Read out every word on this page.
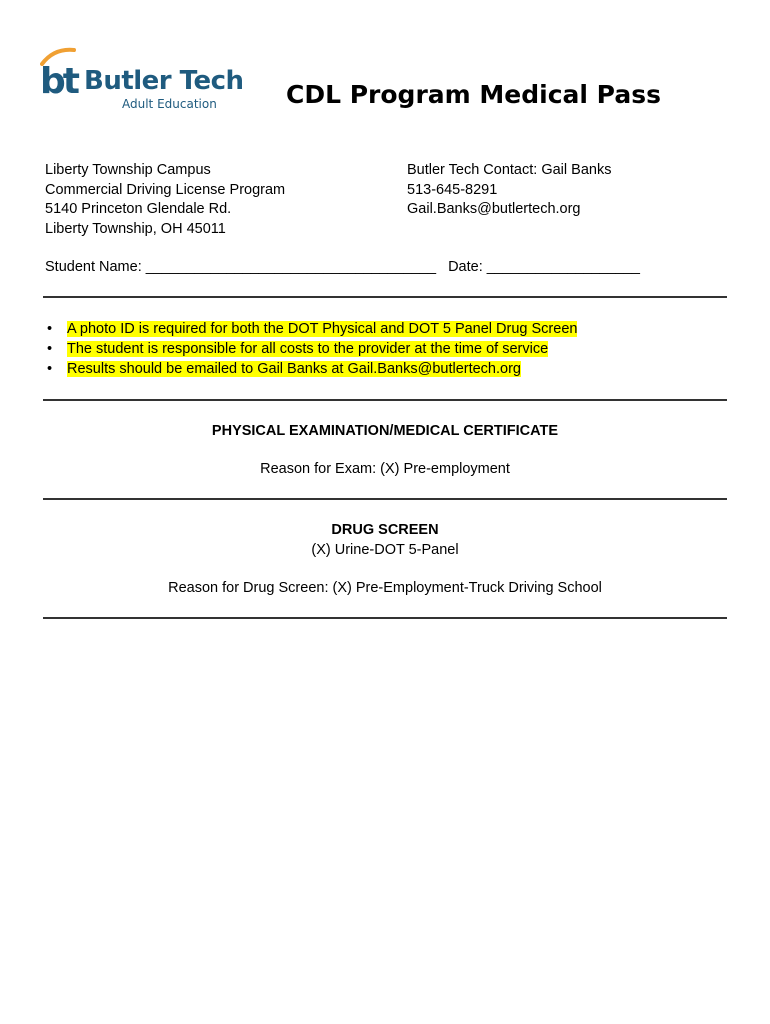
bt Butler Tech
Adult Education	CDL Program Medical Pass
Liberty Township Campus
Commercial Driving License Program
5140 Princeton Glendale Rd.
Liberty Township, OH 45011
Butler Tech Contact: Gail Banks
513-645-8291
Gail.Banks@butlertech.org
Student Name: ____________________________________ Date: ___________________
• A photo ID is required for both the DOT Physical and DOT 5 Panel Drug Screen
• The student is responsible for all costs to the provider at the time of service
• Results should be emailed to Gail Banks at Gail.Banks@butlertech.org
PHYSICAL EXAMINATION/MEDICAL CERTIFICATE
Reason for Exam: (X) Pre-employment
DRUG SCREEN
(X) Urine-DOT 5-Panel
Reason for Drug Screen: (X) Pre-Employment-Truck Driving School
